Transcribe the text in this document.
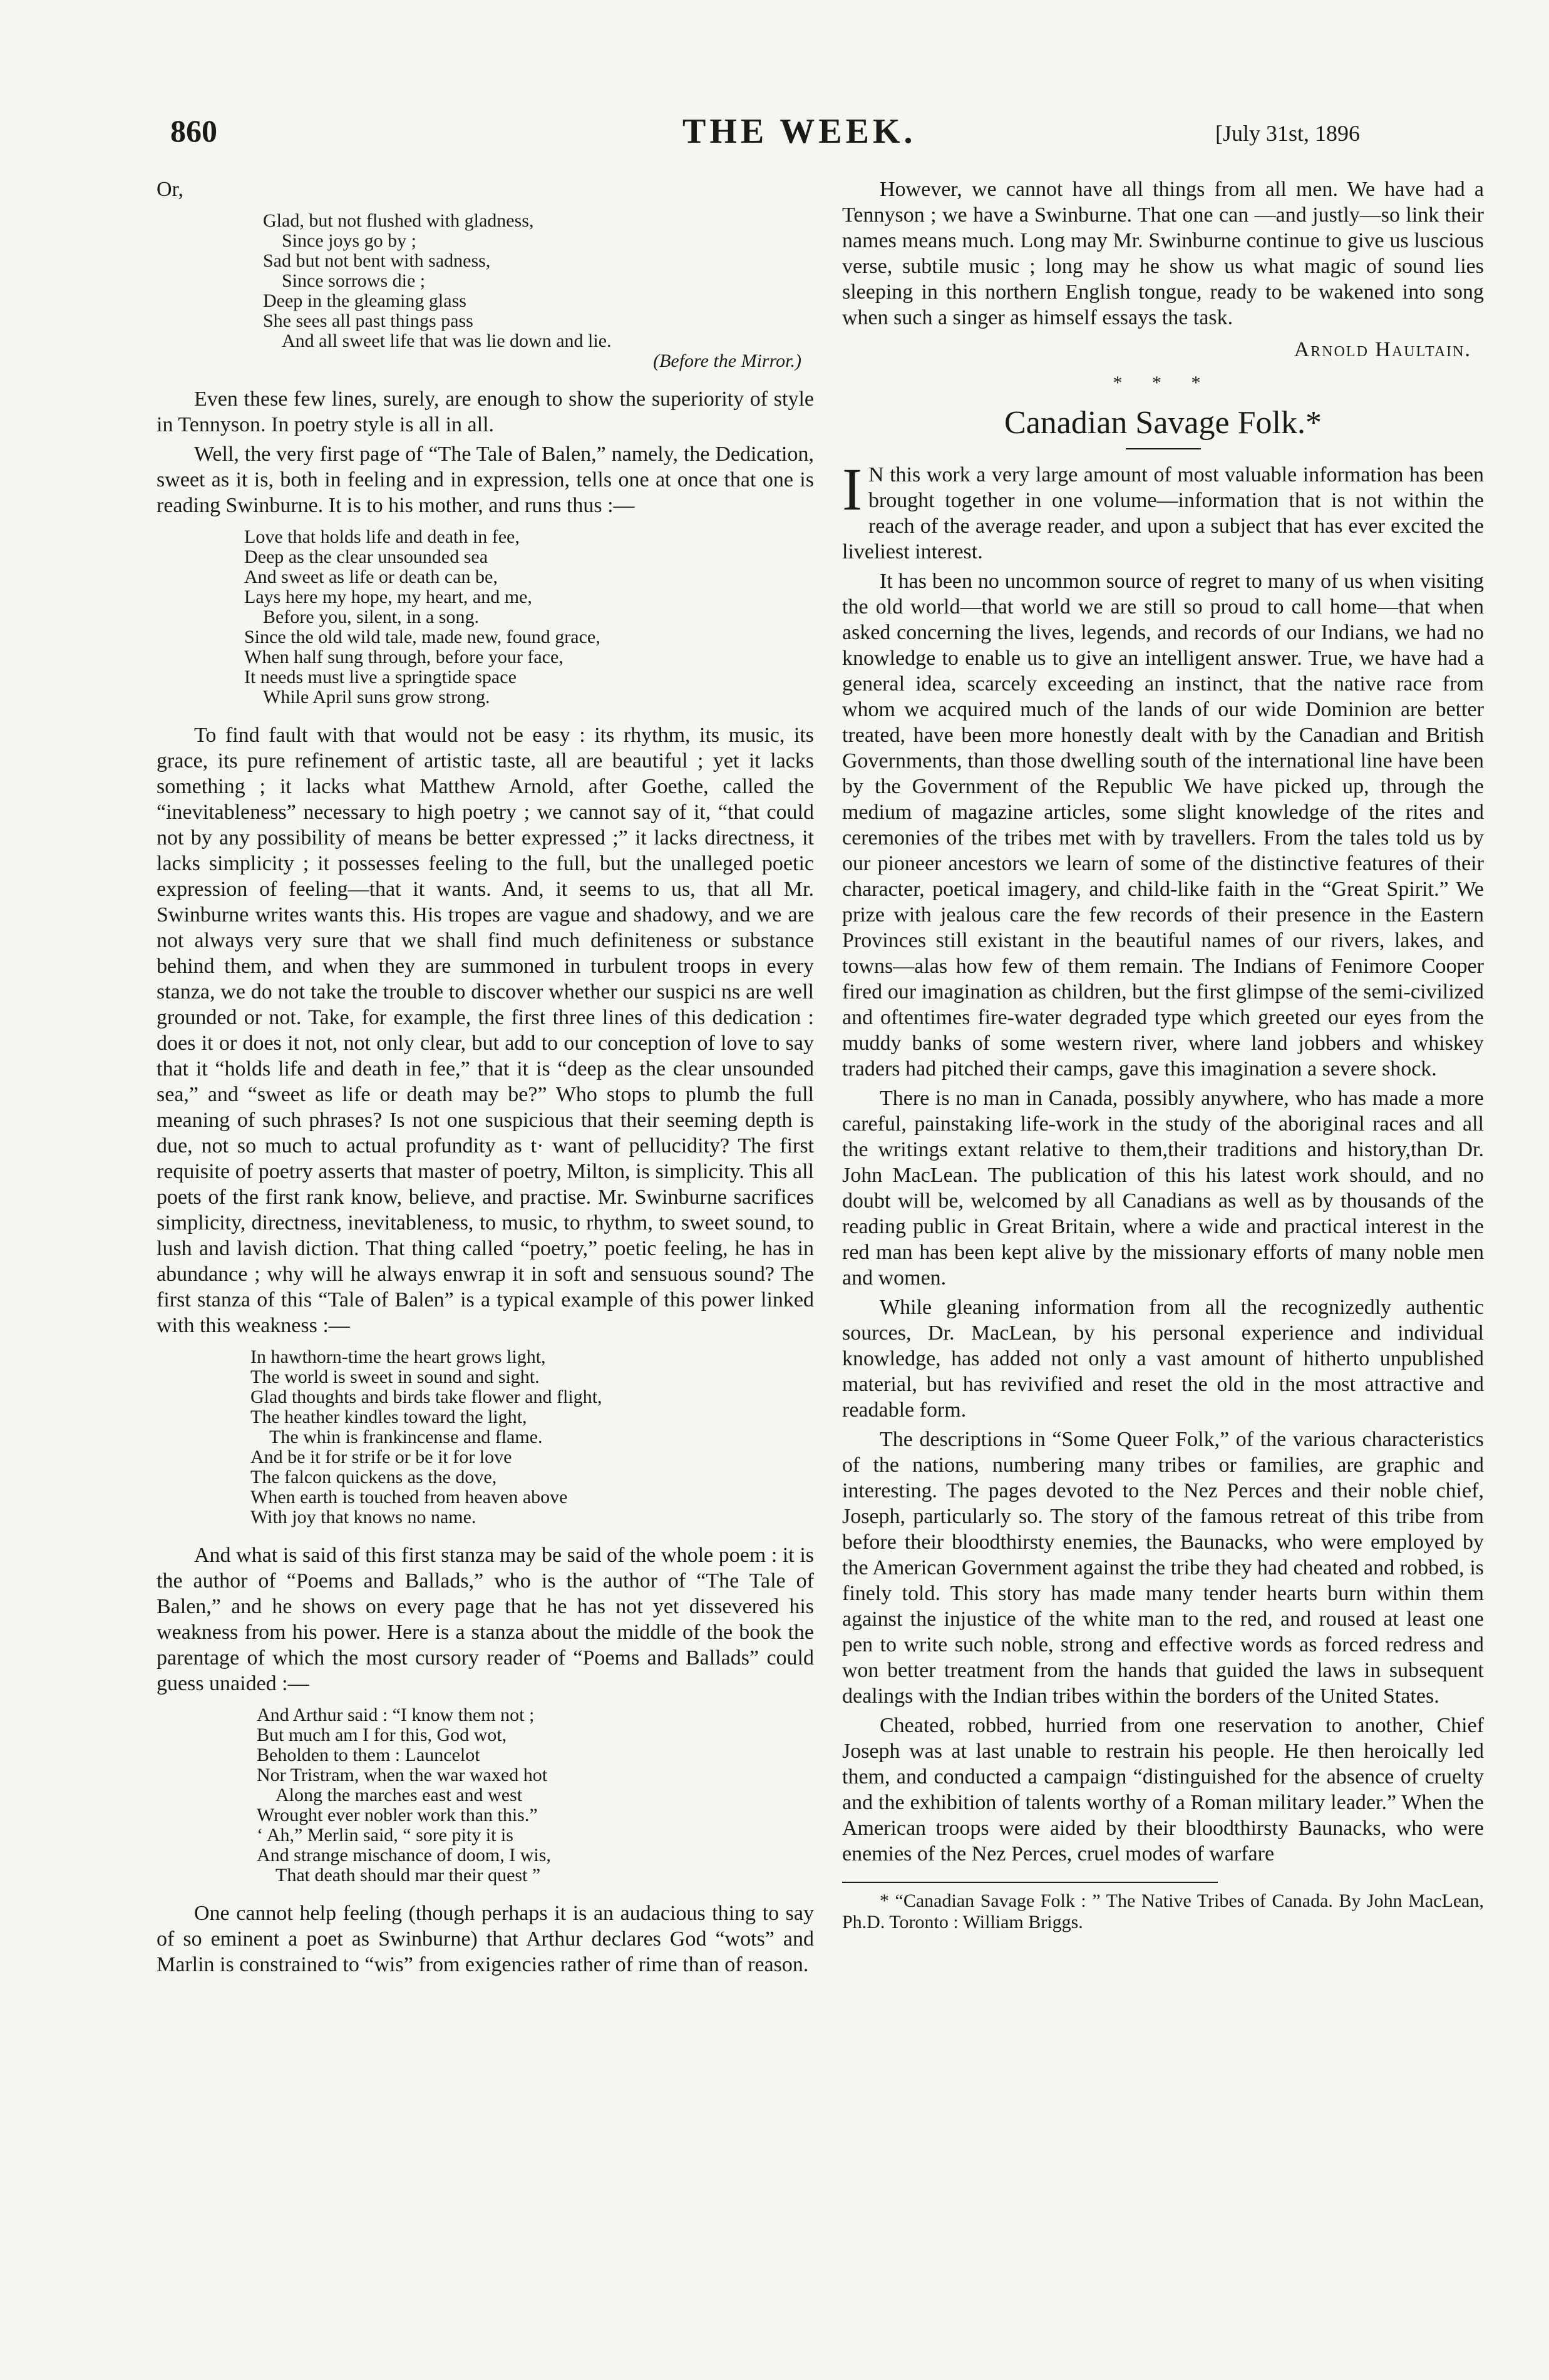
860	THE WEEK.	[July 31st, 1896

Or,

Glad, but not flushed with gladness,
Since joys go by ;
Sad but not bent with sadness,
Since sorrows die ;
Deep in the gleaming glass
She sees all past things pass
And all sweet life that was lie down and lie.
(Before the Mirror.)

Even these few lines, surely, are enough to show the superiority of style in Tennyson. In poetry style is all in all.

Well, the very first page of “The Tale of Balen,” namely, the Dedication, sweet as it is, both in feeling and in expression, tells one at once that one is reading Swinburne. It is to his mother, and runs thus :—

Love that holds life and death in fee,
Deep as the clear unsounded sea
And sweet as life or death can be,
Lays here my hope, my heart, and me,
Before you, silent, in a song.
Since the old wild tale, made new, found grace,
When half sung through, before your face,
It needs must live a springtide space
While April suns grow strong.

To find fault with that would not be easy : its rhythm, its music, its grace, its pure refinement of artistic taste, all are beautiful ; yet it lacks something ; it lacks what Matthew Arnold, after Goethe, called the “inevitableness” necessary to high poetry ; we cannot say of it, “that could not by any possibility of means be better expressed ;” it lacks directness, it lacks simplicity ; it possesses feeling to the full, but the unalleged poetic expression of feeling—that it wants. And, it seems to us, that all Mr. Swinburne writes wants this. His tropes are vague and shadowy, and we are not always very sure that we shall find much definiteness or substance behind them, and when they are summoned in turbulent troops in every stanza, we do not take the trouble to discover whether our suspici ns are well grounded or not. Take, for example, the first three lines of this dedication : does it or does it not, not only clear, but add to our conception of love to say that it “holds life and death in fee,” that it is “deep as the clear unsounded sea,” and “sweet as life or death may be?” Who stops to plumb the full meaning of such phrases? Is not one suspicious that their seeming depth is due, not so much to actual profundity as t· want of pellucidity? The first requisite of poetry asserts that master of poetry, Milton, is simplicity. This all poets of the first rank know, believe, and practise. Mr. Swinburne sacrifices simplicity, directness, inevitableness, to music, to rhythm, to sweet sound, to lush and lavish diction. That thing called “poetry,” poetic feeling, he has in abundance ; why will he always enwrap it in soft and sensuous sound? The first stanza of this “Tale of Balen” is a typical example of this power linked with this weakness :—

In hawthorn-time the heart grows light,
The world is sweet in sound and sight.
Glad thoughts and birds take flower and flight,
The heather kindles toward the light,
The whin is frankincense and flame.
And be it for strife or be it for love
The falcon quickens as the dove,
When earth is touched from heaven above
With joy that knows no name.

And what is said of this first stanza may be said of the whole poem : it is the author of “Poems and Ballads,” who is the author of “The Tale of Balen,” and he shows on every page that he has not yet dissevered his weakness from his power. Here is a stanza about the middle of the book the parentage of which the most cursory reader of “Poems and Ballads” could guess unaided :—

And Arthur said : “I know them not ;
But much am I for this, God wot,
Beholden to them : Launcelot
Nor Tristram, when the war waxed hot
Along the marches east and west
Wrought ever nobler work than this.”
‘ Ah,” Merlin said, “ sore pity it is
And strange mischance of doom, I wis,
That death should mar their quest ”

One cannot help feeling (though perhaps it is an audacious thing to say of so eminent a poet as Swinburne) that Arthur declares God “wots” and Marlin is constrained to “wis” from exigencies rather of rime than of reason.

However, we cannot have all things from all men. We have had a Tennyson ; we have a Swinburne. That one can —and justly—so link their names means much. Long may Mr. Swinburne continue to give us luscious verse, subtile music ; long may he show us what magic of sound lies sleeping in this northern English tongue, ready to be wakened into song when such a singer as himself essays the task.

Arnold Haultain.
* * *
Canadian Savage Folk.*

I N this work a very large amount of most valuable information has been brought together in one volume—information that is not within the reach of the average reader, and upon a subject that has ever excited the liveliest interest.

It has been no uncommon source of regret to many of us when visiting the old world—that world we are still so proud to call home—that when asked concerning the lives, legends, and records of our Indians, we had no knowledge to enable us to give an intelligent answer. True, we have had a general idea, scarcely exceeding an instinct, that the native race from whom we acquired much of the lands of our wide Dominion are better treated, have been more honestly dealt with by the Canadian and British Governments, than those dwelling south of the international line have been by the Government of the Republic We have picked up, through the medium of magazine articles, some slight knowledge of the rites and ceremonies of the tribes met with by travellers. From the tales told us by our pioneer ancestors we learn of some of the distinctive features of their character, poetical imagery, and child-like faith in the “Great Spirit.” We prize with jealous care the few records of their presence in the Eastern Provinces still existant in the beautiful names of our rivers, lakes, and towns—alas how few of them remain. The Indians of Fenimore Cooper fired our imagination as children, but the first glimpse of the semi-civilized and oftentimes fire-water degraded type which greeted our eyes from the muddy banks of some western river, where land jobbers and whiskey traders had pitched their camps, gave this imagination a severe shock.

There is no man in Canada, possibly anywhere, who has made a more careful, painstaking life-work in the study of the aboriginal races and all the writings extant relative to them,their traditions and history,than Dr. John MacLean. The publication of this his latest work should, and no doubt will be, welcomed by all Canadians as well as by thousands of the reading public in Great Britain, where a wide and practical interest in the red man has been kept alive by the missionary efforts of many noble men and women.

While gleaning information from all the recognizedly authentic sources, Dr. MacLean, by his personal experience and individual knowledge, has added not only a vast amount of hitherto unpublished material, but has revivified and reset the old in the most attractive and readable form.

The descriptions in “Some Queer Folk,” of the various characteristics of the nations, numbering many tribes or families, are graphic and interesting. The pages devoted to the Nez Perces and their noble chief, Joseph, particularly so. The story of the famous retreat of this tribe from before their bloodthirsty enemies, the Baunacks, who were employed by the American Government against the tribe they had cheated and robbed, is finely told. This story has made many tender hearts burn within them against the injustice of the white man to the red, and roused at least one pen to write such noble, strong and effective words as forced redress and won better treatment from the hands that guided the laws in subsequent dealings with the Indian tribes within the borders of the United States.

Cheated, robbed, hurried from one reservation to another, Chief Joseph was at last unable to restrain his people. He then heroically led them, and conducted a campaign “distinguished for the absence of cruelty and the exhibition of talents worthy of a Roman military leader.” When the American troops were aided by their bloodthirsty Baunacks, who were enemies of the Nez Perces, cruel modes of warfare

* “Canadian Savage Folk : ” The Native Tribes of Canada. By John MacLean, Ph.D. Toronto : William Briggs.
